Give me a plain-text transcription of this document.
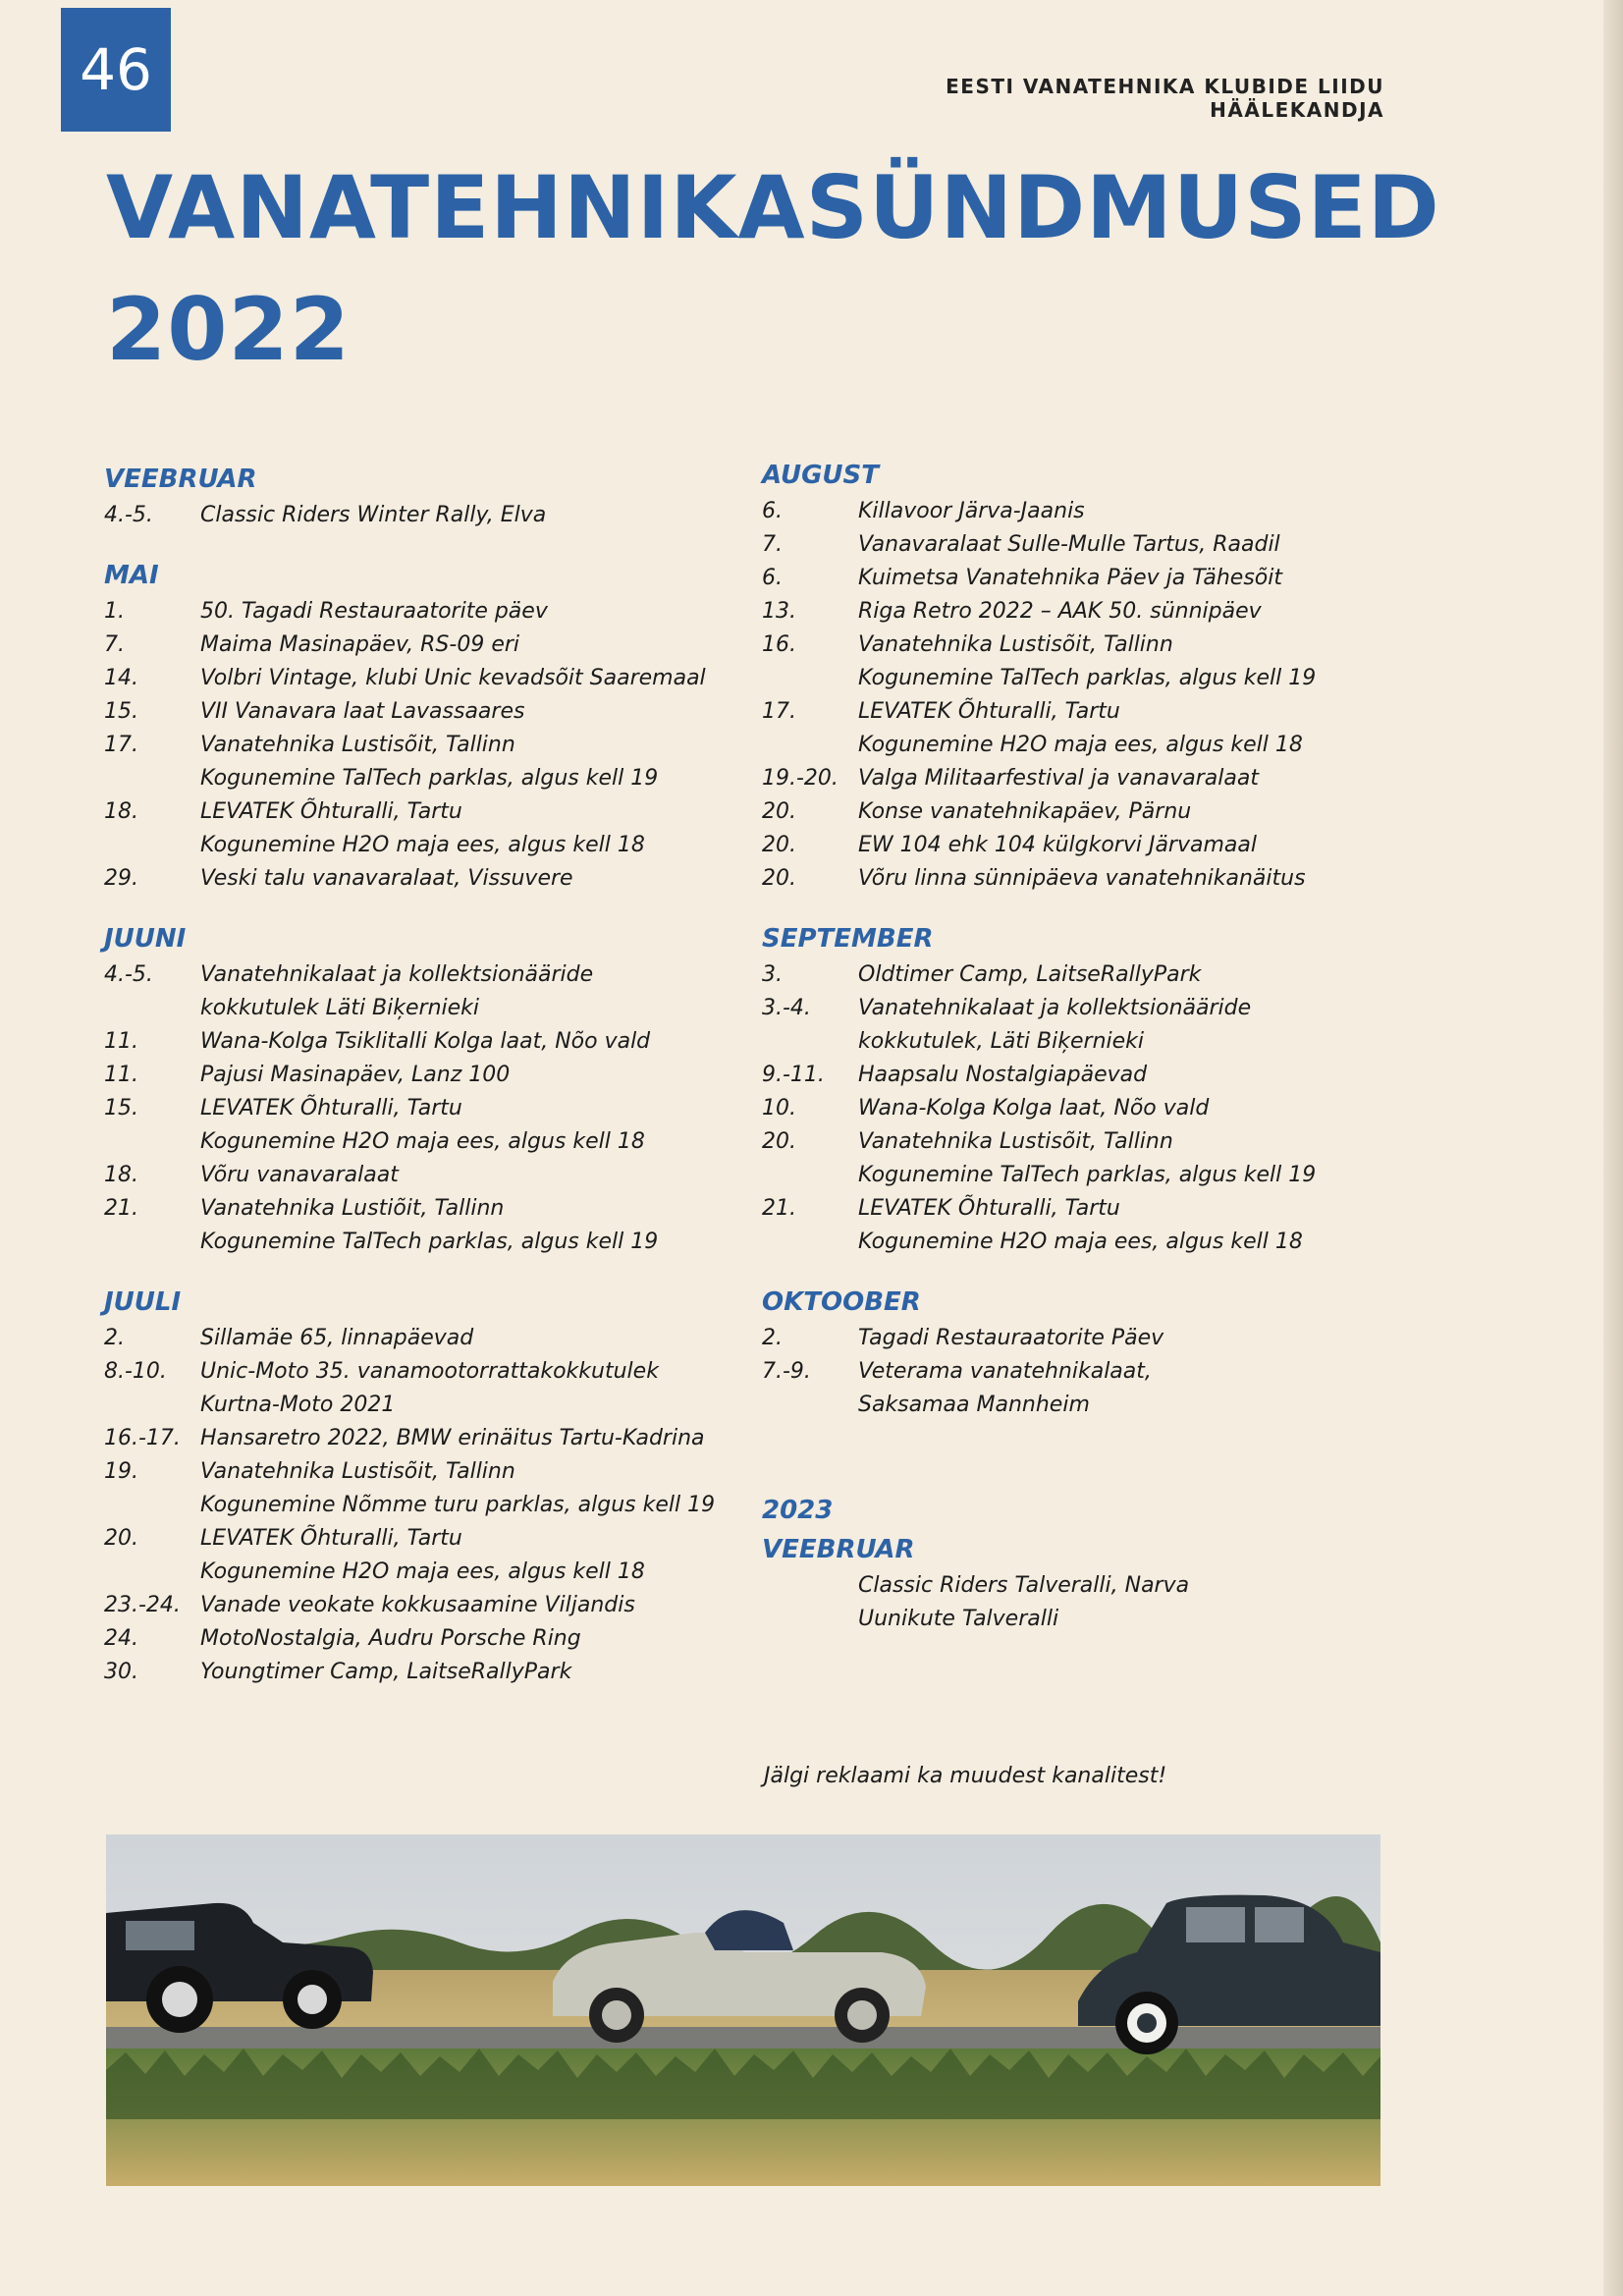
46	EESTI VANATEHNIKA KLUBIDE LIIDU HÄÄLEKANDJA
VANATEHNIKASÜNDMUSED
2022
VEEBRUAR
4.-5.	Classic Riders Winter Rally, Elva
MAI
1.	50. Tagadi Restauraatorite päev
7.	Maima Masinapäev, RS-09 eri
14.	Volbri Vintage, klubi Unic kevadsõit Saaremaal
15.	VII Vanavara laat Lavassaares
17.	Vanatehnika Lustisõit, Tallinn
Kogunemine TalTech parklas, algus kell 19
18.	LEVATEK Õhturalli, Tartu
Kogunemine H2O maja ees, algus kell 18
29.	Veski talu vanavaralaat, Vissuvere
JUUNI
4.-5.	Vanatehnikalaat ja kollektsionääride
kokkutulek Läti Biķernieki
11.	Wana-Kolga Tsiklitalli Kolga laat, Nõo vald
11.	Pajusi Masinapäev, Lanz 100
15.	LEVATEK Õhturalli, Tartu
Kogunemine H2O maja ees, algus kell 18
18.	Võru vanavaralaat
21.	Vanatehnika Lustiõit, Tallinn
Kogunemine TalTech parklas, algus kell 19
JUULI
2.	Sillamäe 65, linnapäevad
8.-10.	Unic-Moto 35. vanamootorrattakokkutulek
Kurtna-Moto 2021
16.-17. Hansaretro 2022, BMW erinäitus Tartu-Kadrina
19.	Vanatehnika Lustisõit, Tallinn
Kogunemine Nõmme turu parklas, algus kell 19
20.	LEVATEK Õhturalli, Tartu
Kogunemine H2O maja ees, algus kell 18
23.-24. Vanade veokate kokkusaamine Viljandis
24.	MotoNostalgia, Audru Porsche Ring
30.	Youngtimer Camp, LaitseRallyPark
AUGUST
6.	Killavoor Järva-Jaanis
7.	Vanavaralaat Sulle-Mulle Tartus, Raadil
6.	Kuimetsa Vanatehnika Päev ja Tähesõit
13.	Riga Retro 2022 – AAK 50. sünnipäev
16.	Vanatehnika Lustisõit, Tallinn
Kogunemine TalTech parklas, algus kell 19
17.	LEVATEK Õhturalli, Tartu
Kogunemine H2O maja ees, algus kell 18
19.-20. Valga Militaarfestival ja vanavaralaat
20.	Konse vanatehnikapäev, Pärnu
20.	EW 104 ehk 104 külgkorvi Järvamaal
20.	Võru linna sünnipäeva vanatehnikanäitus
SEPTEMBER
3.	Oldtimer Camp, LaitseRallyPark
3.-4.	Vanatehnikalaat ja kollektsionääride
kokkutulek, Läti Biķernieki
9.-11.	Haapsalu Nostalgiapäevad
10.	Wana-Kolga Kolga laat, Nõo vald
20.	Vanatehnika Lustisõit, Tallinn
Kogunemine TalTech parklas, algus kell 19
21.	LEVATEK Õhturalli, Tartu
Kogunemine H2O maja ees, algus kell 18
OKTOOBER
2.	Tagadi Restauraatorite Päev
7.-9.	Veterama vanatehnikalaat,
Saksamaa Mannheim
2023
VEEBRUAR
Classic Riders Talveralli, Narva
Uunikute Talveralli
Jälgi reklaami ka muudest kanalitest!
